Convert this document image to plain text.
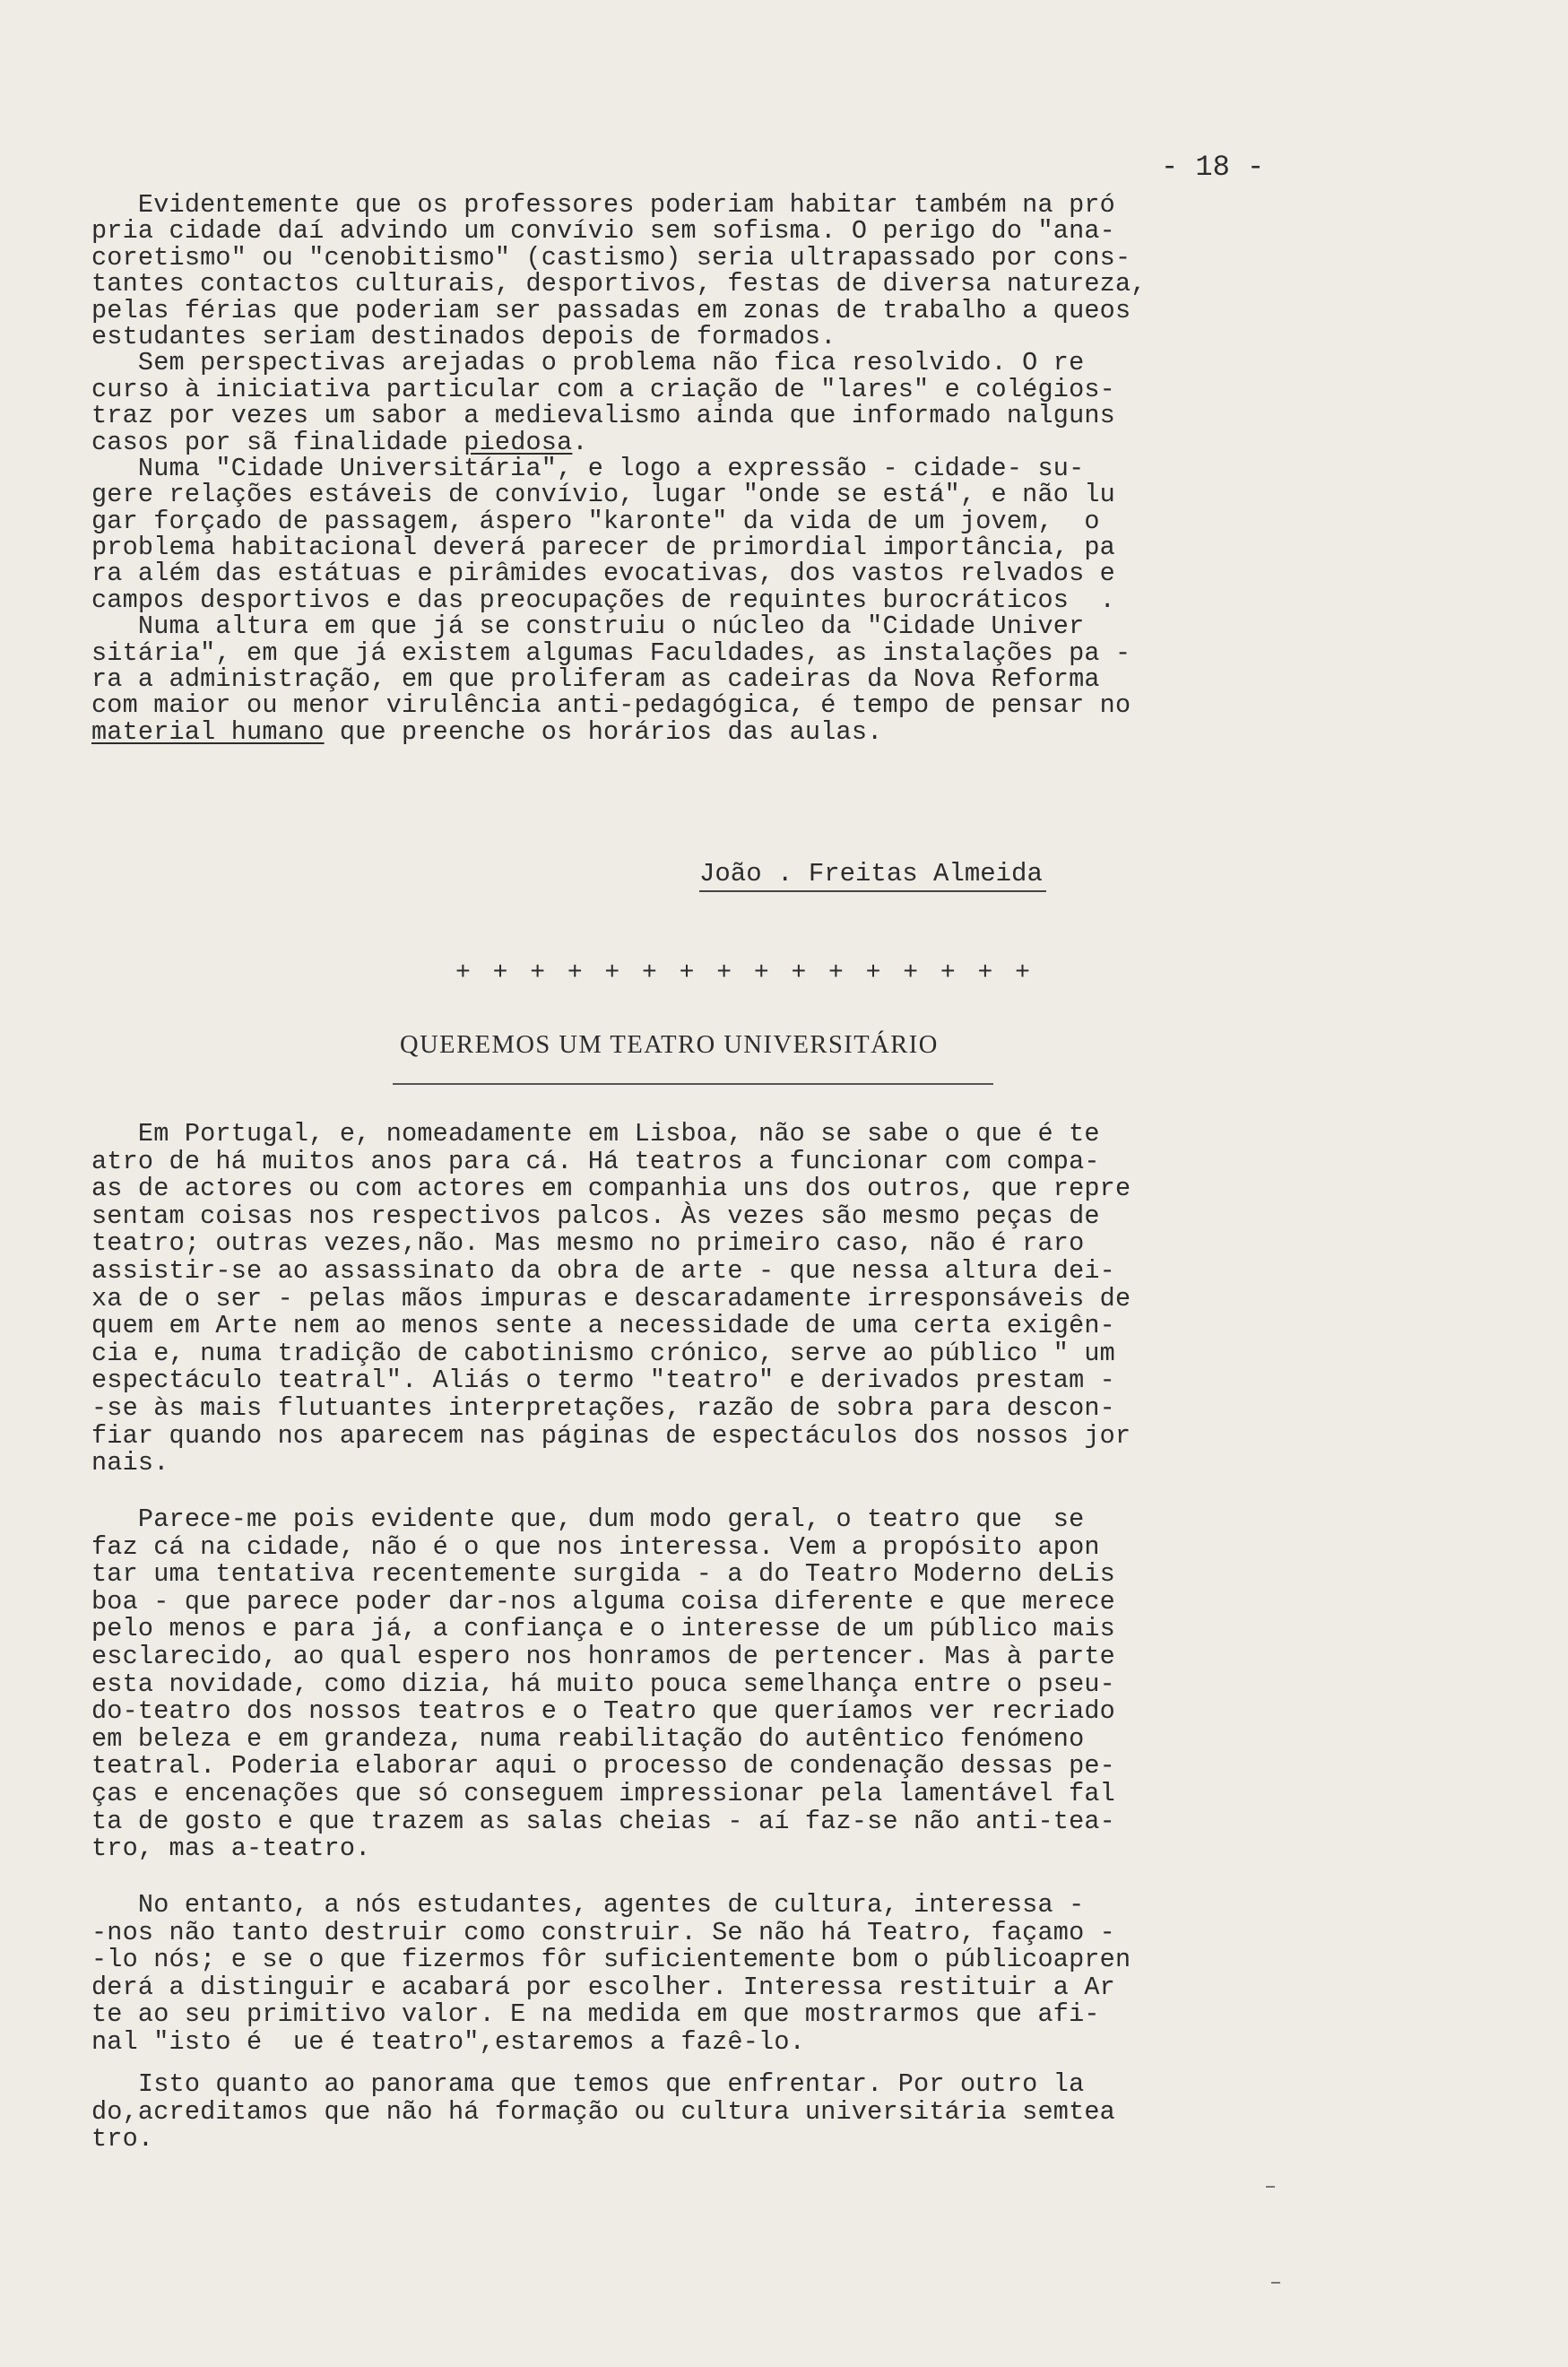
- 18 -
Evidentemente que os professores poderiam habitar também na pró
pria cidade daí advindo um convívio sem sofisma. O perigo do "ana-
coretismo" ou "cenobitismo" (castismo) seria ultrapassado por cons-
tantes contactos culturais, desportivos, festas de diversa natureza,
pelas férias que poderiam ser passadas em zonas de trabalho a queos
estudantes seriam destinados depois de formados.
Sem perspectivas arejadas o problema não fica resolvido. O re
curso à iniciativa particular com a criação de "lares" e colégios-
traz por vezes um sabor a medievalismo ainda que informado nalguns
casos por sã finalidade piedosa.
Numa "Cidade Universitária", e logo a expressão - cidade- su-
gere relações estáveis de convívio, lugar "onde se está", e não lu
gar forçado de passagem, áspero "karonte" da vida de um jovem,  o
problema habitacional deverá parecer de primordial importância, pa
ra além das estátuas e pirâmides evocativas, dos vastos relvados e
campos desportivos e das preocupações de requintes burocráticos  .
Numa altura em que já se construiu o núcleo da "Cidade Univer
sitária", em que já existem algumas Faculdades, as instalações pa -
ra a administração, em que proliferam as cadeiras da Nova Reforma
com maior ou menor virulência anti-pedagógica, é tempo de pensar no
material humano que preenche os horários das aulas.
João . Freitas Almeida
+ + + + + + + + + + + + + + + +
QUEREMOS UM TEATRO UNIVERSITÁRIO
Em Portugal, e, nomeadamente em Lisboa, não se sabe o que é te
atro de há muitos anos para cá. Há teatros a funcionar com compa-
as de actores ou com actores em companhia uns dos outros, que repre
sentam coisas nos respectivos palcos. Às vezes são mesmo peças de
teatro; outras vezes,não. Mas mesmo no primeiro caso, não é raro
assistir-se ao assassinato da obra de arte - que nessa altura dei-
xa de o ser - pelas mãos impuras e descaradamente irresponsáveis de
quem em Arte nem ao menos sente a necessidade de uma certa exigên-
cia e, numa tradição de cabotinismo crónico, serve ao público " um
espectáculo teatral". Aliás o termo "teatro" e derivados prestam -
-se às mais flutuantes interpretações, razão de sobra para descon-
fiar quando nos aparecem nas páginas de espectáculos dos nossos jor
nais.
Parece-me pois evidente que, dum modo geral, o teatro que  se
faz cá na cidade, não é o que nos interessa. Vem a propósito apon
tar uma tentativa recentemente surgida - a do Teatro Moderno deLis
boa - que parece poder dar-nos alguma coisa diferente e que merece
pelo menos e para já, a confiança e o interesse de um público mais
esclarecido, ao qual espero nos honramos de pertencer. Mas à parte
esta novidade, como dizia, há muito pouca semelhança entre o pseu-
do-teatro dos nossos teatros e o Teatro que queríamos ver recriado
em beleza e em grandeza, numa reabilitação do autêntico fenómeno
teatral. Poderia elaborar aqui o processo de condenação dessas pe-
ças e encenações que só conseguem impressionar pela lamentável fal
ta de gosto e que trazem as salas cheias - aí faz-se não anti-tea-
tro, mas a-teatro.
No entanto, a nós estudantes, agentes de cultura, interessa -
-nos não tanto destruir como construir. Se não há Teatro, façamo -
-lo nós; e se o que fizermos fôr suficientemente bom o públicoapren
derá a distinguir e acabará por escolher. Interessa restituir a Ar
te ao seu primitivo valor. E na medida em que mostrarmos que afi-
nal "isto é  ue é teatro",estaremos a fazê-lo.
Isto quanto ao panorama que temos que enfrentar. Por outro la
do,acreditamos que não há formação ou cultura universitária semtea
tro.
